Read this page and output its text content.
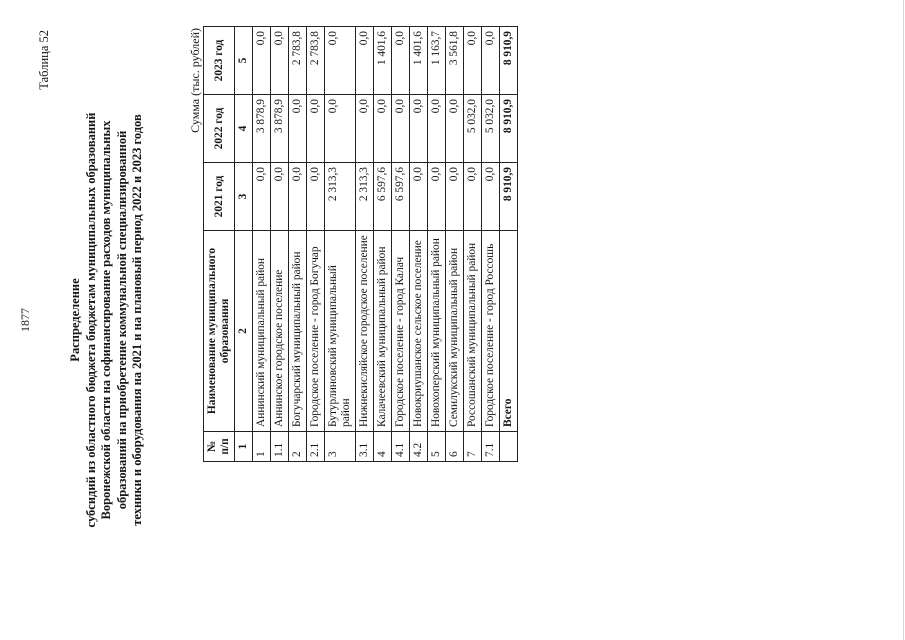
1877
Таблица 52
Распределение субсидий из областного бюджета бюджетам муниципальных образований Воронежской области на софинансирование расходов муниципальных образований на приобретение коммунальной специализированной техники и оборудования на 2021 и на плановый период 2022 и 2023 годов
Сумма (тыс. рублей)
№ п/п	Наименование муниципального образования	2021 год	2022 год	2023 год
1	2	3	4	5
1	Аннинский муниципальный район	0,0	3 878,9	0,0
1.1	Аннинское городское поселение	0,0	3 878,9	0,0
2	Богучарский муниципальный район	0,0	0,0	2 783,8
2.1	Городское поселение - город Богучар	0,0	0,0	2 783,8
3	Бутурлиновский муниципальный район	2 313,3	0,0	0,0
3.1	Нижнекисляйское городское поселение	2 313,3	0,0	0,0
4	Калачеевский муниципальный район	6 597,6	0,0	1 401,6
4.1	Городское поселение - город Калач	6 597,6	0,0	0,0
4.2	Новокриушанское сельское поселение	0,0	0,0	1 401,6
5	Новохоперский муниципальный район	0,0	0,0	1 163,7
6	Семилукский муниципальный район	0,0	0,0	3 561,8
7	Россошанский муниципальный район	0,0	5 032,0	0,0
7.1	Городское поселение - город Россошь	0,0	5 032,0	0,0
	Всего	8 910,9	8 910,9	8 910,9
